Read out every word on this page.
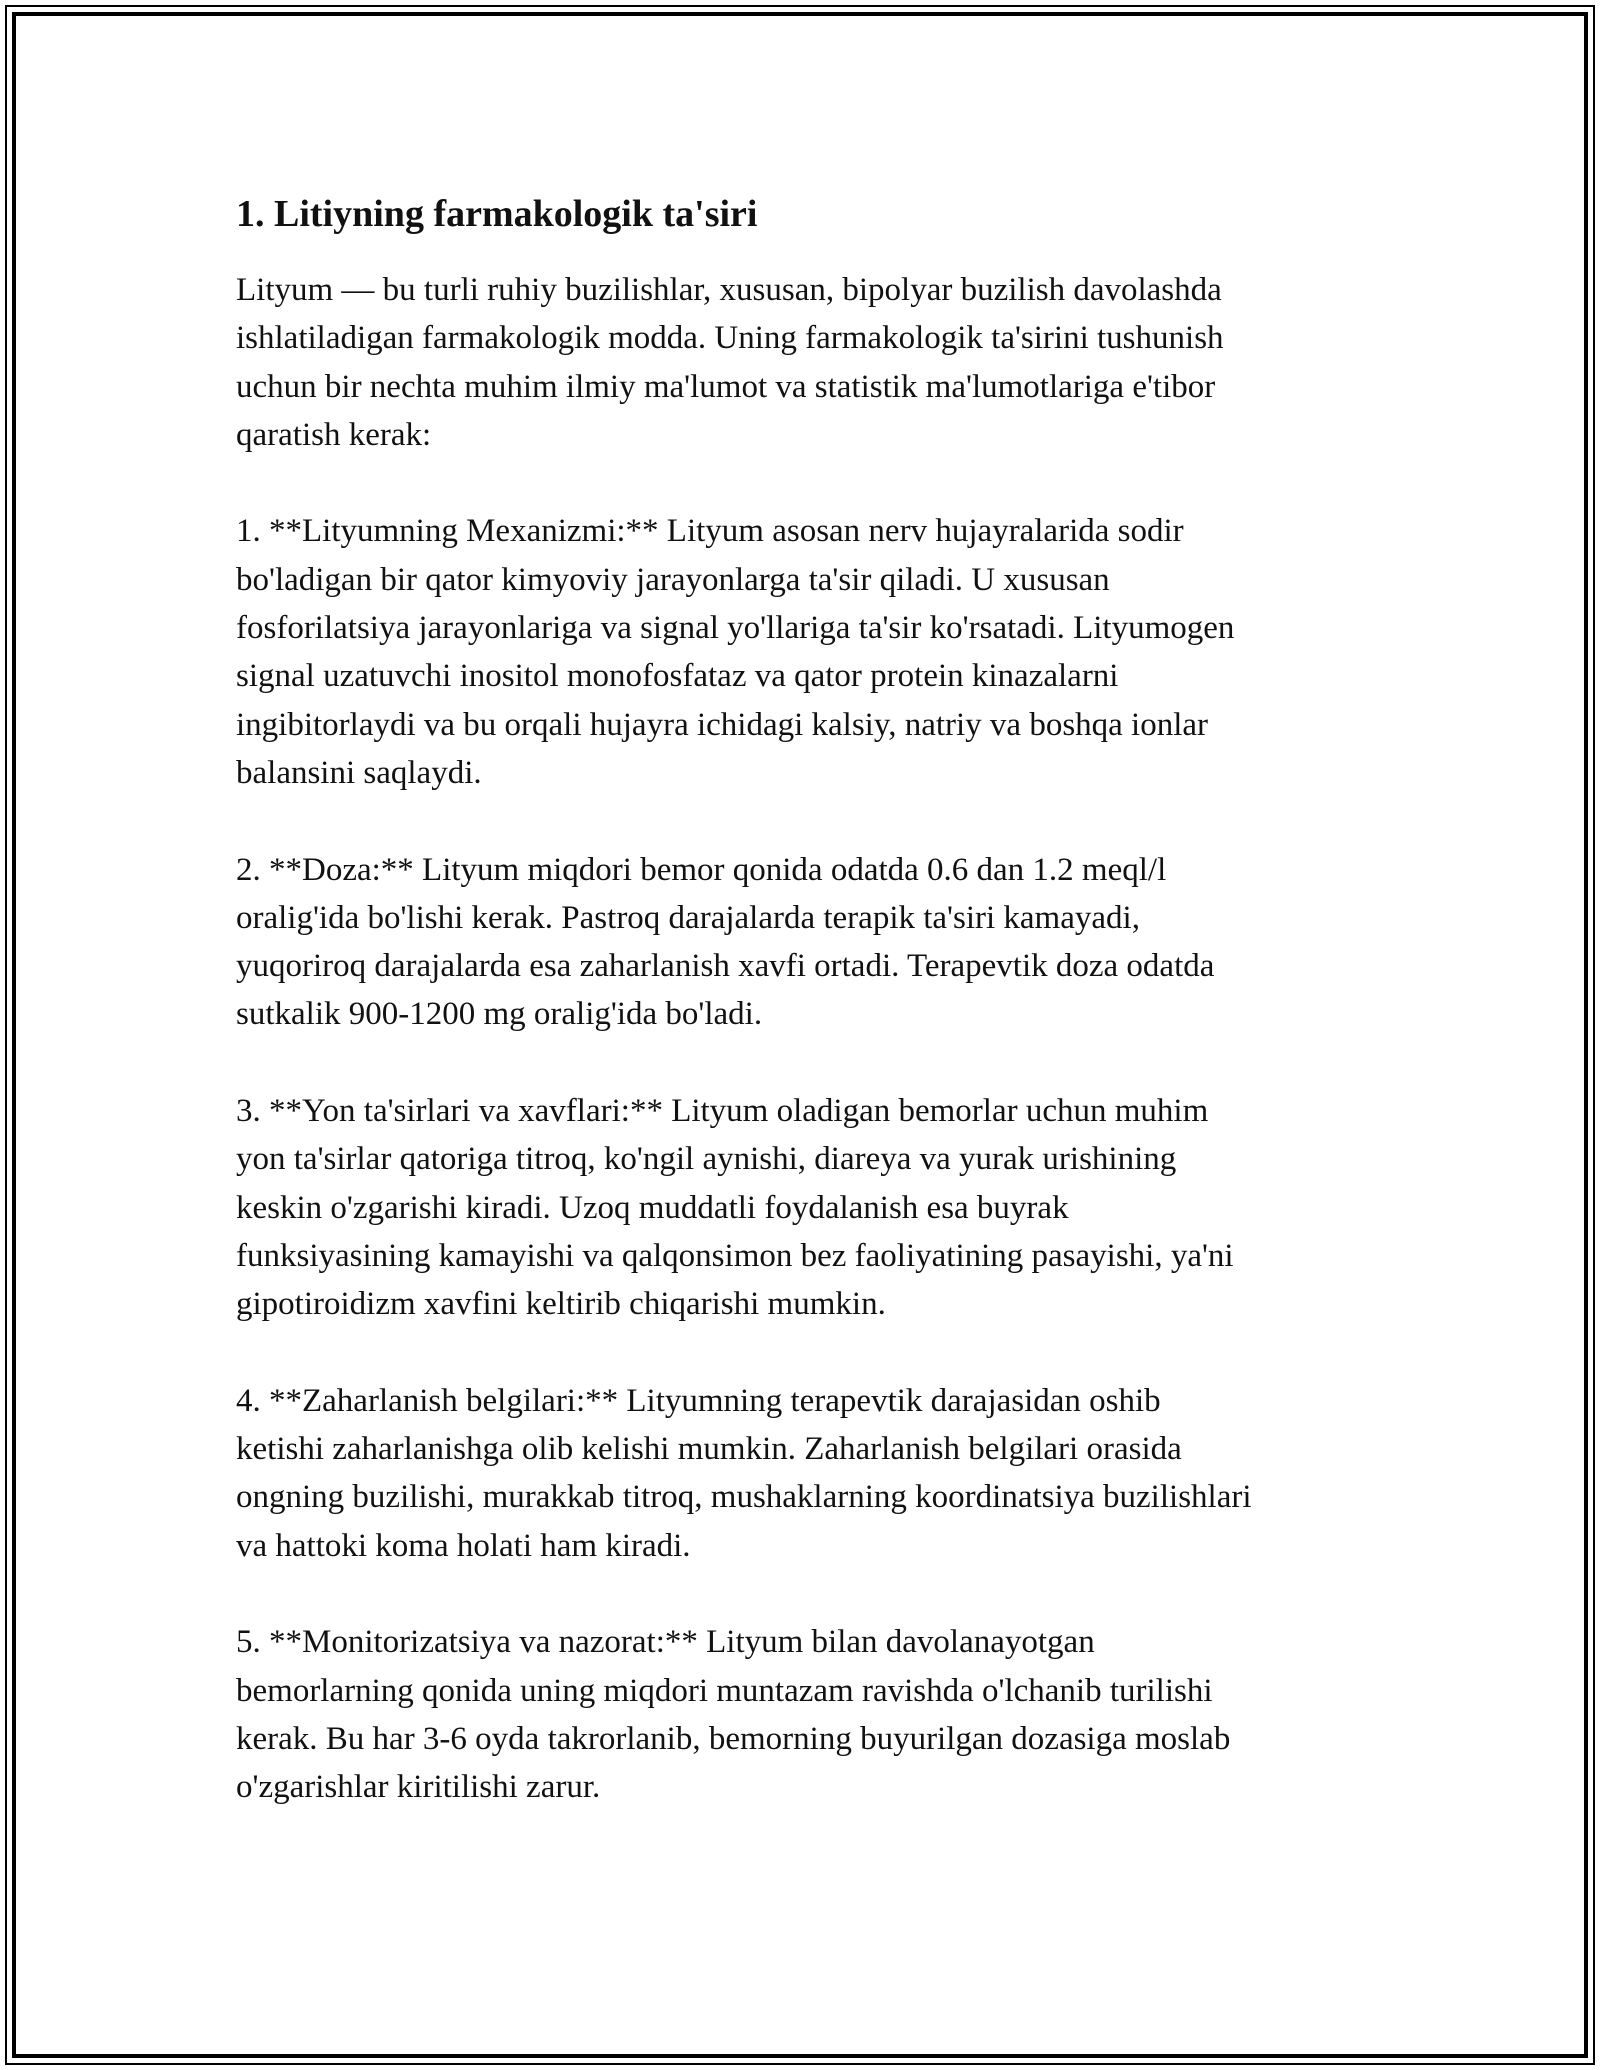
1. Litiyning farmakologik ta'siri

Lityum — bu turli ruhiy buzilishlar, xususan, bipolyar buzilish davolashda
ishlatiladigan farmakologik modda. Uning farmakologik ta'sirini tushunish
uchun bir nechta muhim ilmiy ma'lumot va statistik ma'lumotlariga e'tibor
qaratish kerak:

1. **Lityumning Mexanizmi:** Lityum asosan nerv hujayralarida sodir
bo'ladigan bir qator kimyoviy jarayonlarga ta'sir qiladi. U xususan
fosforilatsiya jarayonlariga va signal yo'llariga ta'sir ko'rsatadi. Lityumogen
signal uzatuvchi inositol monofosfataz va qator protein kinazalarni
ingibitorlaydi va bu orqali hujayra ichidagi kalsiy, natriy va boshqa ionlar
balansini saqlaydi.

2. **Doza:** Lityum miqdori bemor qonida odatda 0.6 dan 1.2 meql/l
oralig'ida bo'lishi kerak. Pastroq darajalarda terapik ta'siri kamayadi,
yuqoriroq darajalarda esa zaharlanish xavfi ortadi. Terapevtik doza odatda
sutkalik 900-1200 mg oralig'ida bo'ladi.

3. **Yon ta'sirlari va xavflari:** Lityum oladigan bemorlar uchun muhim
yon ta'sirlar qatoriga titroq, ko'ngil aynishi, diareya va yurak urishining
keskin o'zgarishi kiradi. Uzoq muddatli foydalanish esa buyrak
funksiyasining kamayishi va qalqonsimon bez faoliyatining pasayishi, ya'ni
gipotiroidizm xavfini keltirib chiqarishi mumkin.

4. **Zaharlanish belgilari:** Lityumning terapevtik darajasidan oshib
ketishi zaharlanishga olib kelishi mumkin. Zaharlanish belgilari orasida
ongning buzilishi, murakkab titroq, mushaklarning koordinatsiya buzilishlari
va hattoki koma holati ham kiradi.

5. **Monitorizatsiya va nazorat:** Lityum bilan davolanayotgan
bemorlarning qonida uning miqdori muntazam ravishda o'lchanib turilishi
kerak. Bu har 3-6 oyda takrorlanib, bemorning buyurilgan dozasiga moslab
o'zgarishlar kiritilishi zarur.
